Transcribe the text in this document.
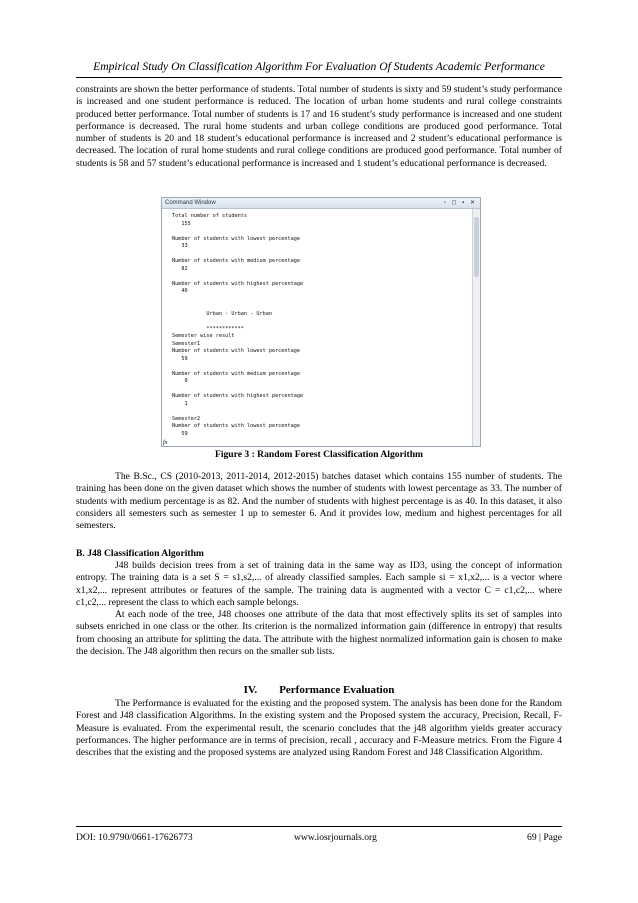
Empirical Study On Classification Algorithm For Evaluation Of Students Academic Performance

constraints are shown the better performance of students. Total number of students is sixty and 59 student’s study performance is increased and one student performance is reduced. The location of urban home students and rural college constraints produced better performance. Total number of students is 17 and 16 student’s study performance is increased and one student performance is decreased. The rural home students and urban college conditions are produced good performance. Total number of students is 20 and 18 student’s educational performance is increased and 2 student’s educational performance is decreased. The location of rural home students and rural college conditions are produced good performance. Total number of students is 58 and 57 student’s educational performance is increased and 1 student’s educational performance is decreased.

Command Window	▫ ◻ ▪ ✕
Total number of students
155

Number of students with lowest percentage
33

Number of students with medium percentage
82

Number of students with highest percentage
40

Urban - Urban - Urban

************
Semester wise result
Semester1
Number of students with lowest percentage
59

Number of students with medium percentage
0

Number of students with highest percentage
1

Semester2
Number of students with lowest percentage
59
fx
Figure 3 : Random Forest Classification Algorithm

The B.Sc., CS (2010-2013, 2011-2014, 2012-2015) batches dataset which contains 155 number of students. The training has been done on the given dataset which shows the number of students with lowest percentage as 33. The number of students with medium percentage is as 82. And the number of students with highest percentage is as 40. In this dataset, it also considers all semesters such as semester 1 up to semester 6. And it provides low, medium and highest percentages for all semesters.

B. J48 Classification Algorithm

J48 builds decision trees from a set of training data in the same way as ID3, using the concept of information entropy. The training data is a set S = s1,s2,... of already classified samples. Each sample si = x1,x2,... is a vector where x1,x2,... represent attributes or features of the sample. The training data is augmented with a vector C = c1,c2,... where c1,c2,... represent the class to which each sample belongs.

At each node of the tree, J48 chooses one attribute of the data that most effectively splits its set of samples into subsets enriched in one class or the other. Its criterion is the normalized information gain (difference in entropy) that results from choosing an attribute for splitting the data. The attribute with the highest normalized information gain is chosen to make the decision. The J48 algorithm then recurs on the smaller sub lists.

IV. Performance Evaluation

The Performance is evaluated for the existing and the proposed system. The analysis has been done for the Random Forest and J48 classification Algorithms. In the existing system and the Proposed system the accuracy, Precision, Recall, F-Measure is evaluated. From the experimental result, the scenario concludes that the j48 algorithm yields greater accuracy performances. The higher performance are in terms of precision, recall , accuracy and F-Measure metrics. From the Figure 4 describes that the existing and the proposed systems are analyzed using Random Forest and J48 Classification Algorithm.

DOI: 10.9790/0661-17626773	www.iosrjournals.org	69 | Page
